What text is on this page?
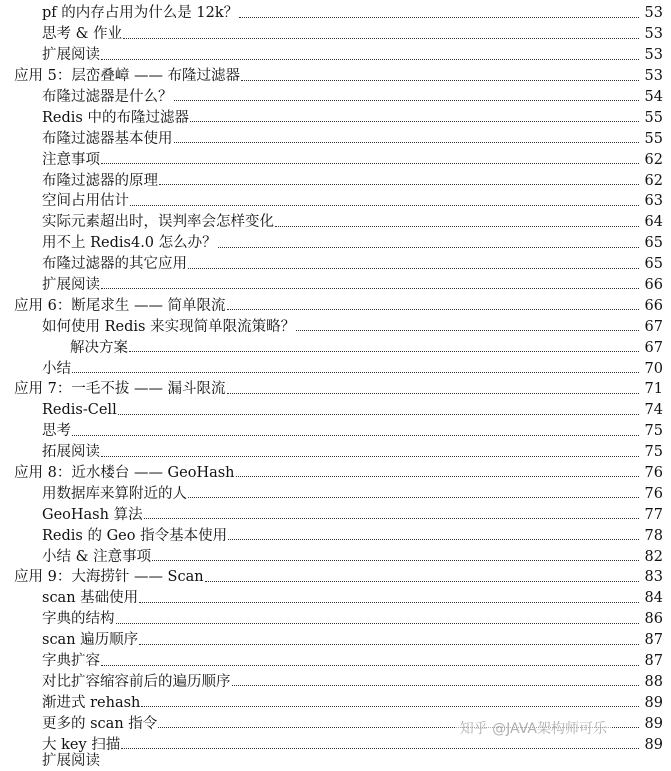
pf 的内存占用为什么是 12k？	53
思考 & 作业	53
扩展阅读	53
应用 5：层峦叠嶂 —— 布隆过滤器	53
布隆过滤器是什么？	54
Redis 中的布隆过滤器	55
布隆过滤器基本使用	55
注意事项	62
布隆过滤器的原理	62
空间占用估计	63
实际元素超出时，误判率会怎样变化	64
用不上 Redis4.0 怎么办？	65
布隆过滤器的其它应用	65
扩展阅读	66
应用 6：断尾求生 —— 简单限流	66
如何使用 Redis 来实现简单限流策略？	67
解决方案	67
小结	70
应用 7：一毛不拔 —— 漏斗限流	71
Redis-Cell	74
思考	75
拓展阅读	75
应用 8：近水楼台 —— GeoHash	76
用数据库来算附近的人	76
GeoHash 算法	77
Redis 的 Geo 指令基本使用	78
小结 & 注意事项	82
应用 9：大海捞针 —— Scan	83
scan 基础使用	84
字典的结构	86
scan 遍历顺序	87
字典扩容	87
对比扩容缩容前后的遍历顺序	88
渐进式 rehash	89
更多的 scan 指令	89
大 key 扫描	89
扩展阅读
知乎 @JAVA架构师可乐
